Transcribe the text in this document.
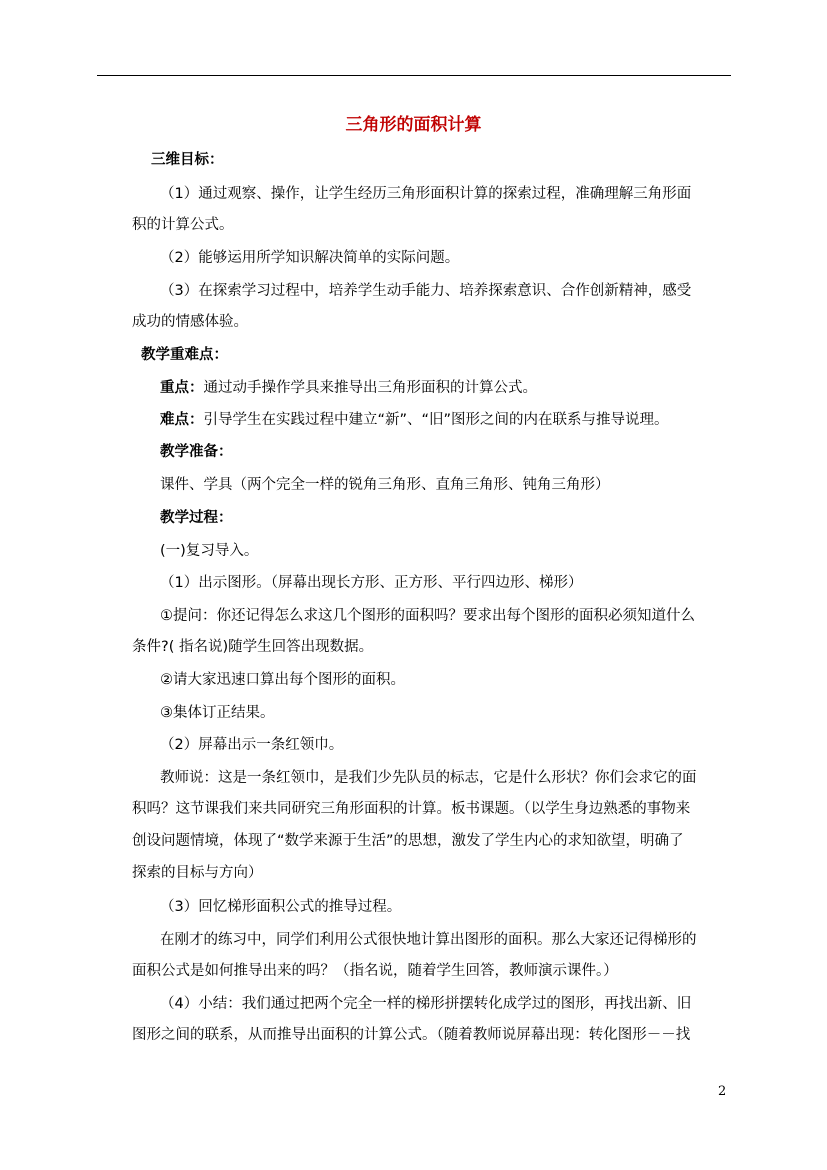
三角形的面积计算
三维目标：
（1）通过观察、操作，让学生经历三角形面积计算的探索过程，准确理解三角形面
积的计算公式。
（2）能够运用所学知识解决简单的实际问题。
（3）在探索学习过程中，培养学生动手能力、培养探索意识、合作创新精神，感受
成功的情感体验。
教学重难点：
重点：通过动手操作学具来推导出三角形面积的计算公式。
难点：引导学生在实践过程中建立“新”、“旧”图形之间的内在联系与推导说理。
教学准备：
课件、学具（两个完全一样的锐角三角形、直角三角形、钝角三角形）
教学过程：
(一)复习导入。
（1）出示图形。（屏幕出现长方形、正方形、平行四边形、梯形）
①提问：你还记得怎么求这几个图形的面积吗？要求出每个图形的面积必须知道什么
条件?( 指名说)随学生回答出现数据。
②请大家迅速口算出每个图形的面积。
③集体订正结果。
（2）屏幕出示一条红领巾。
教师说：这是一条红领巾，是我们少先队员的标志，它是什么形状？你们会求它的面
积吗？这节课我们来共同研究三角形面积的计算。板书课题。（以学生身边熟悉的事物来
创设问题情境，体现了“数学来源于生活”的思想，激发了学生内心的求知欲望，明确了
探索的目标与方向）
（3）回忆梯形面积公式的推导过程。
在刚才的练习中，同学们利用公式很快地计算出图形的面积。那么大家还记得梯形的
面积公式是如何推导出来的吗？（指名说，随着学生回答，教师演示课件。）
（4）小结：我们通过把两个完全一样的梯形拼摆转化成学过的图形，再找出新、旧
图形之间的联系，从而推导出面积的计算公式。（随着教师说屏幕出现：转化图形－－找
2
